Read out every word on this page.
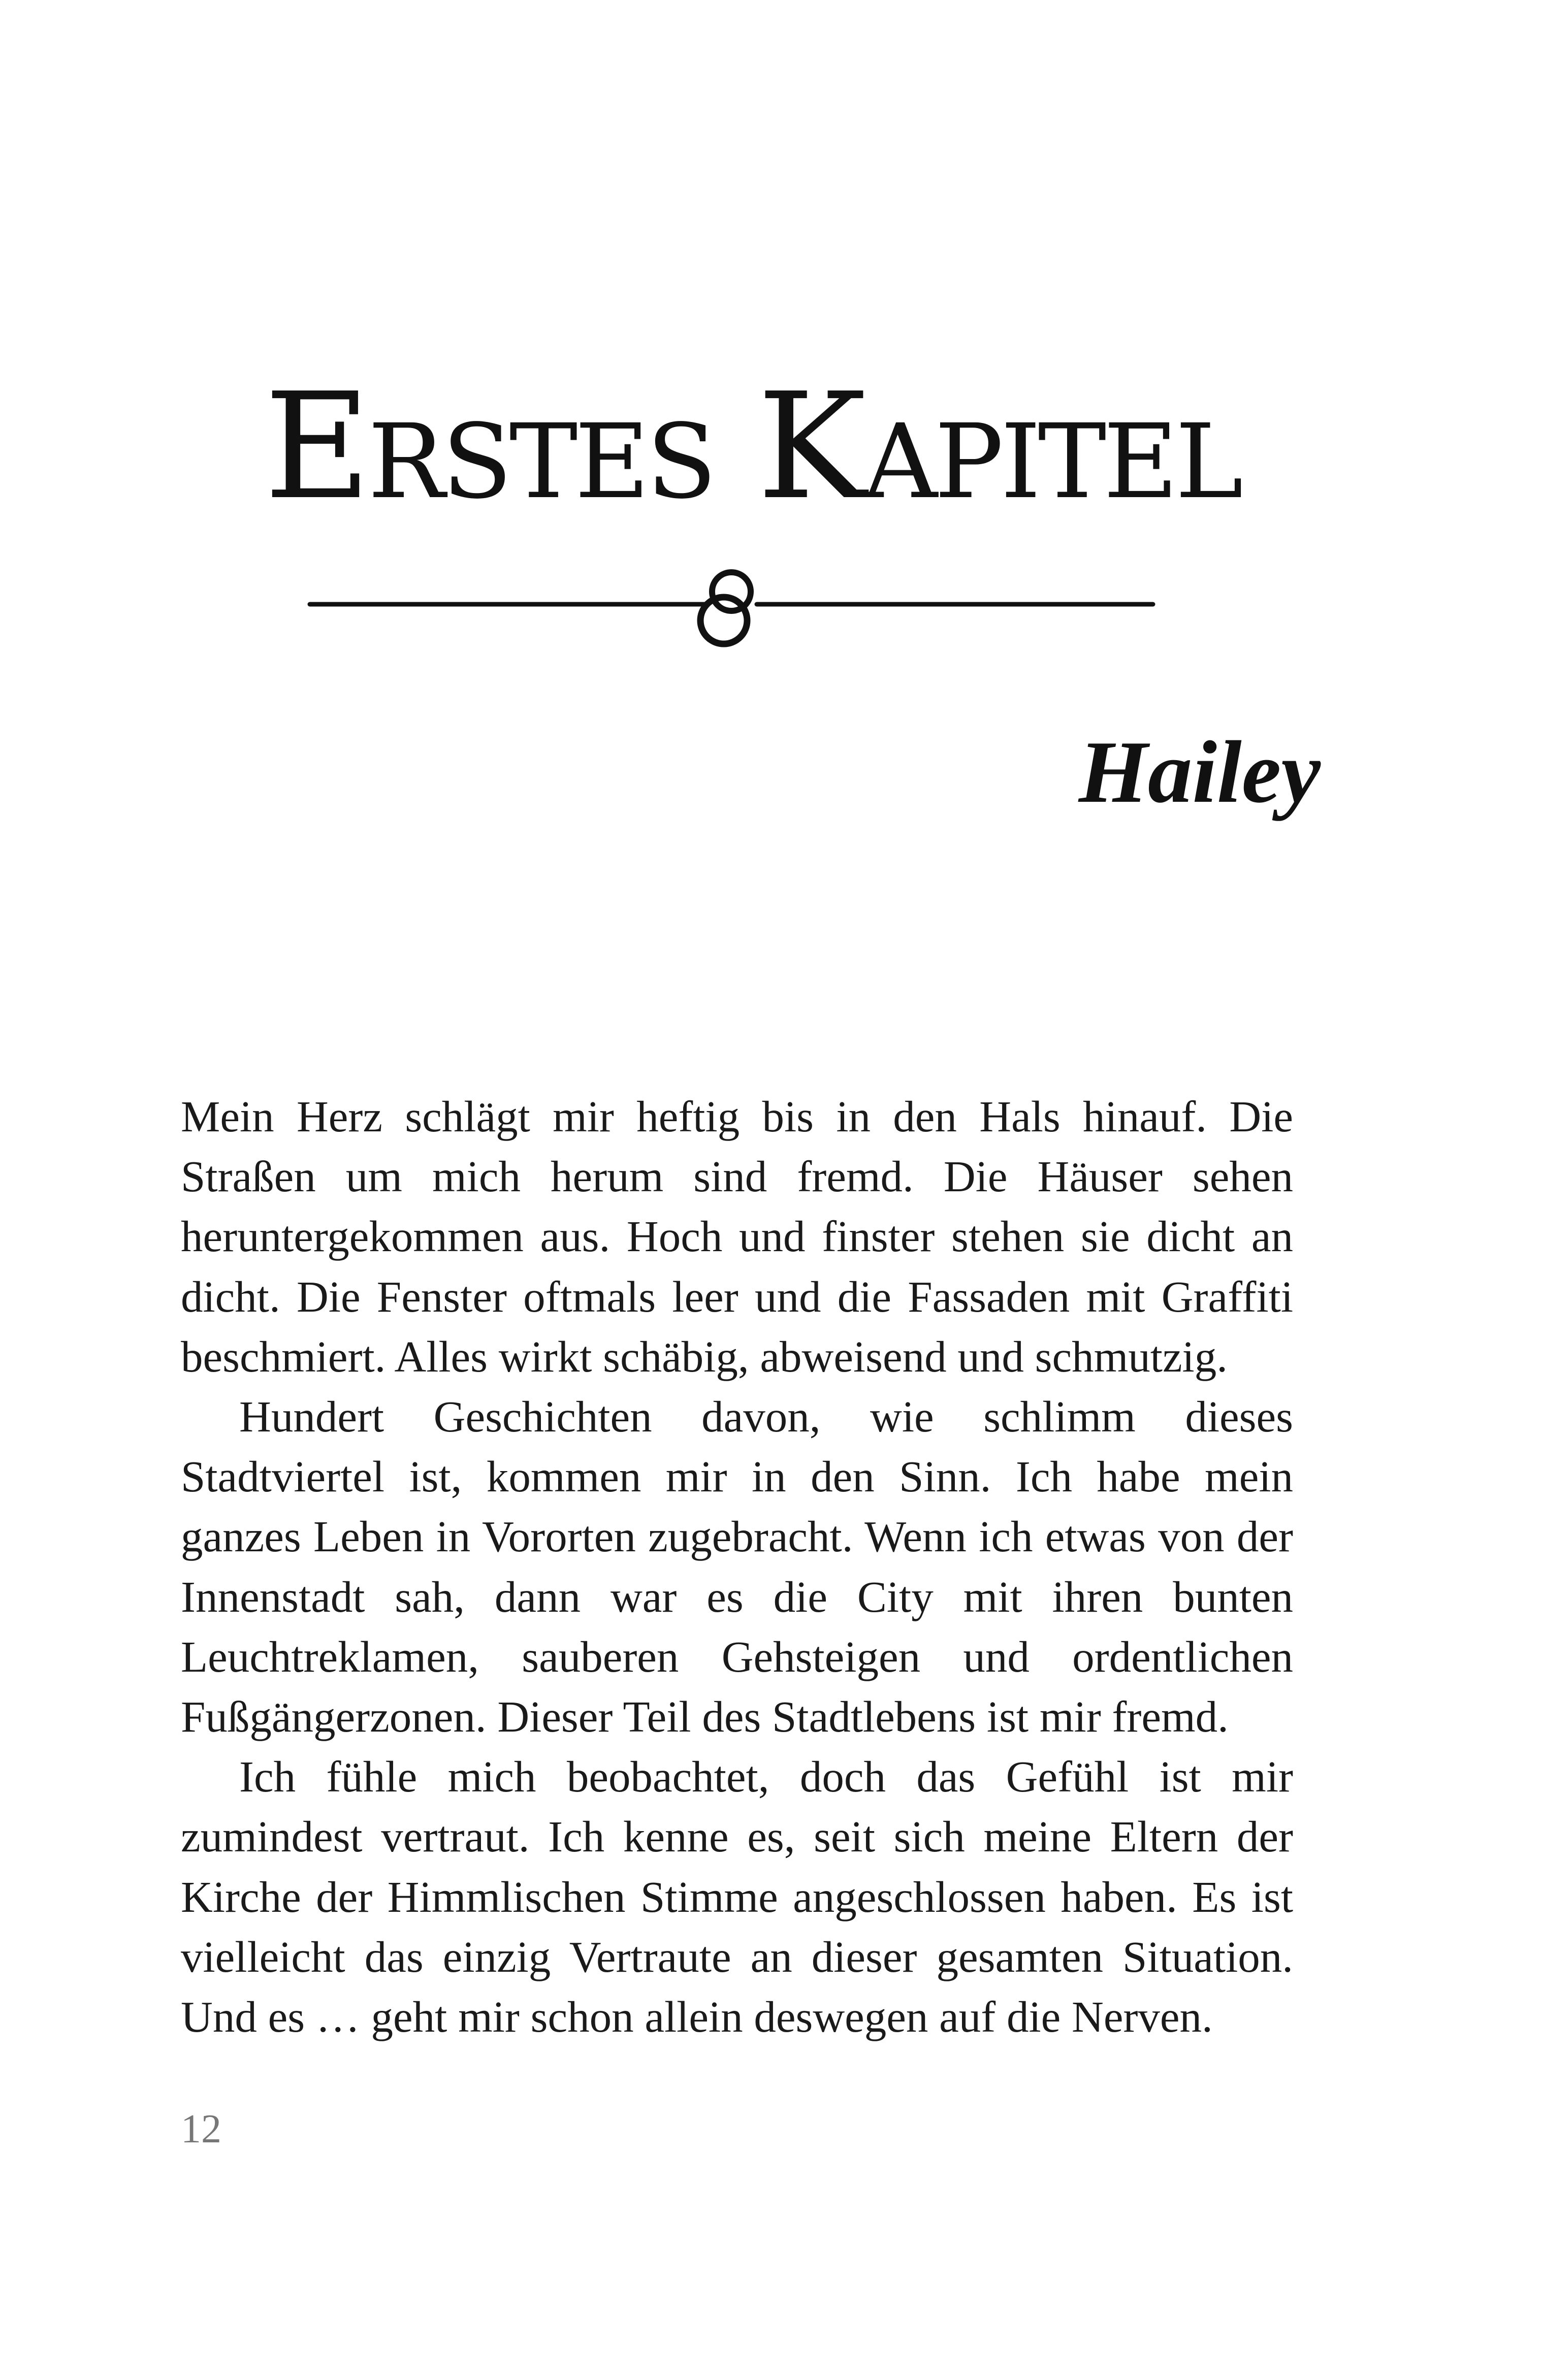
Erstes Kapitel
Hailey

Mein Herz schlägt mir heftig bis in den Hals hinauf. Die Straßen um mich herum sind fremd. Die Häuser sehen heruntergekommen aus. Hoch und finster stehen sie dicht an dicht. Die Fenster oftmals leer und die Fassaden mit Graffiti beschmiert. Alles wirkt schäbig, abweisend und schmutzig.

Hundert Geschichten davon, wie schlimm dieses Stadtviertel ist, kommen mir in den Sinn. Ich habe mein ganzes Leben in Vororten zugebracht. Wenn ich etwas von der Innenstadt sah, dann war es die City mit ihren bunten Leuchtreklamen, sauberen Gehsteigen und ordentlichen Fußgängerzonen. Dieser Teil des Stadtlebens ist mir fremd.

Ich fühle mich beobachtet, doch das Gefühl ist mir zumindest vertraut. Ich kenne es, seit sich meine Eltern der Kirche der Himmlischen Stimme angeschlossen haben. Es ist vielleicht das einzig Vertraute an dieser gesamten Situation. Und es … geht mir schon allein deswegen auf die Nerven.

12
